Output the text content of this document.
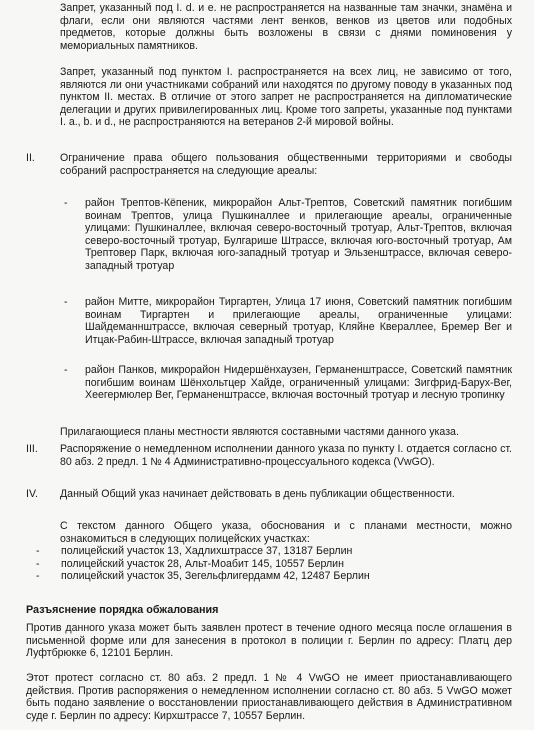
Запрет, указанный под I. d. и е. не распространяется на названные там значки, знамёна и флаги, если они являются частями лент венков, венков из цветов или подобных предметов, которые должны быть возложены в связи с днями поминовения у мемориальных памятников.
Запрет, указанный под пунктом I. распространяется на всех лиц, не зависимо от того, являются ли они участниками собраний или находятся по другому поводу в указанных под пунктом II. местах. В отличие от этого запрет не распространяется на дипломатические делегации и других привилегированных лиц. Кроме того запреты, указанные под пунктами I. a., b. и d., не распространяются на ветеранов 2-й мировой войны.
II. Ограничение права общего пользования общественными территориями и свободы собраний распространяется на следующие ареалы:
- район Трептов-Кёпеник, микрорайон Альт-Трептов, Советский памятник погибшим воинам Трептов, улица Пушкиналлее и прилегающие ареалы, ограниченные улицами: Пушкиналлее, включая северо-восточный тротуар, Альт-Трептов, включая северо-восточный тротуар, Булгарише Штрассе, включая юго-восточный тротуар, Ам Трептовер Парк, включая юго-западный тротуар и Эльзенштрассе, включая северо-западный тротуар
- район Митте, микрорайон Тиргартен, Улица 17 июня, Советский памятник погибшим воинам Тиргартен и прилегающие ареалы, ограниченные улицами: Шайдеманнштрассе, включая северный тротуар, Кляйне Квераллее, Бремер Вег и Итцак-Рабин-Штрассе, включая западный тротуар
- район Панков, микрорайон Нидершёнхаузен, Германенштрассе, Советский памятник погибшим воинам Шёнхольтцер Хайде, ограниченный улицами: Зигфрид-Барух-Вег, Хеегермюлер Вег, Германенштрассе, включая восточный тротуар и лесную тропинку
Прилагающиеся планы местности являются составными частями данного указа.
III. Распоряжение о немедленном исполнении данного указа по пункту I. отдается согласно ст. 80 абз. 2 предл. 1 № 4 Административно-процессуального кодекса (VwGO).
IV. Данный Общий указ начинает действовать в день публикации общественности.
С текстом данного Общего указа, обоснования и с планами местности, можно ознакомиться в следующих полицейских участках:
- полицейский участок 13, Хадлихштрассе 37, 13187 Берлин
- полицейский участок 28, Альт-Моабит 145, 10557 Берлин
- полицейский участок 35, Зегельфлигердамм 42, 12487 Берлин
Разъяснение порядка обжалования
Против данного указа может быть заявлен протест в течение одного месяца после оглашения в письменной форме или для занесения в протокол в полиции г. Берлин по адресу: Платц дер Луфтбрюкке 6, 12101 Берлин.
Этот протест согласно ст. 80 абз. 2 предл. 1 № 4 VwGO не имеет приостанавливающего действия. Против распоряжения о немедленном исполнении согласно ст. 80 абз. 5 VwGO может быть подано заявление о восстановлении приостанавливающего действия в Административном суде г. Берлин по адресу: Кирхштрассе 7, 10557 Берлин.
